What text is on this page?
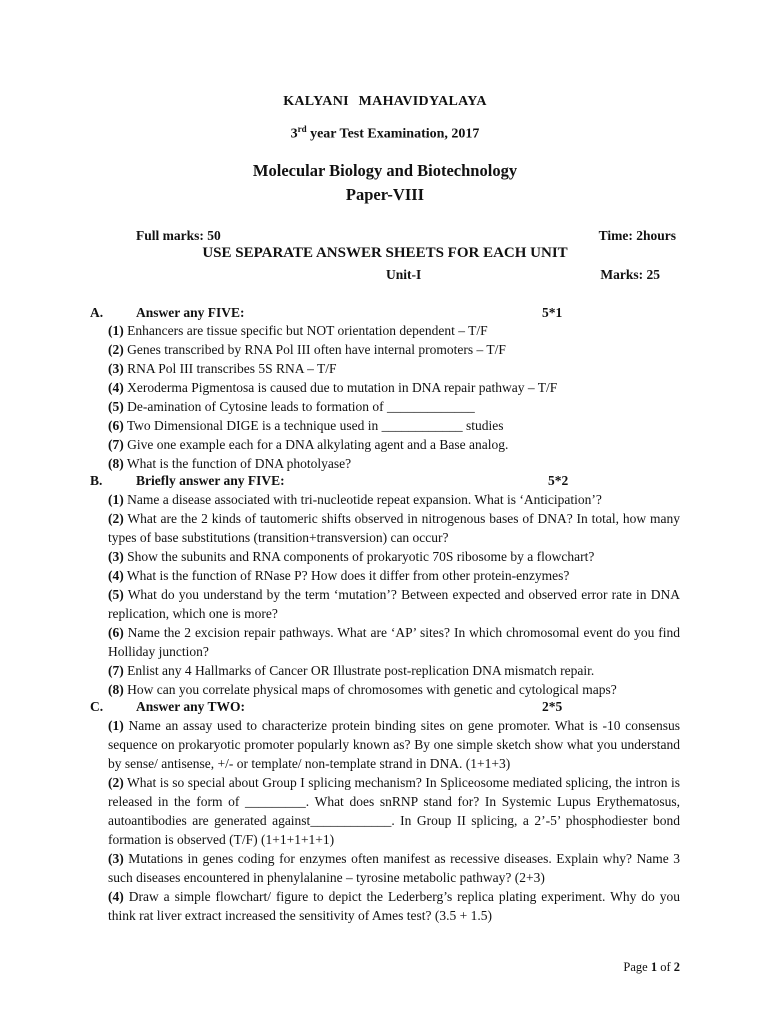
KALYANI MAHAVIDYALAYA
3rd year Test Examination, 2017
Molecular Biology and Biotechnology
Paper-VIII
Full marks: 50	Time: 2hours
USE SEPARATE ANSWER SHEETS FOR EACH UNIT
Unit-I	Marks: 25
A. Answer any FIVE:	5*1
(1) Enhancers are tissue specific but NOT orientation dependent – T/F
(2) Genes transcribed by RNA Pol III often have internal promoters – T/F
(3) RNA Pol III transcribes 5S RNA – T/F
(4) Xeroderma Pigmentosa is caused due to mutation in DNA repair pathway – T/F
(5) De-amination of Cytosine leads to formation of _____________
(6) Two Dimensional DIGE is a technique used in ____________ studies
(7) Give one example each for a DNA alkylating agent and a Base analog.
(8) What is the function of DNA photolyase?
B. Briefly answer any FIVE:	5*2
(1) Name a disease associated with tri-nucleotide repeat expansion. What is ‘Anticipation’?

(2) What are the 2 kinds of tautomeric shifts observed in nitrogenous bases of DNA? In total, how many types of base substitutions (transition+transversion) can occur?

(3) Show the subunits and RNA components of prokaryotic 70S ribosome by a flowchart?
(4) What is the function of RNase P? How does it differ from other protein-enzymes?

(5) What do you understand by the term ‘mutation’? Between expected and observed error rate in DNA replication, which one is more?

(6) Name the 2 excision repair pathways. What are ‘AP’ sites? In which chromosomal event do you find Holliday junction?

(7) Enlist any 4 Hallmarks of Cancer OR Illustrate post-replication DNA mismatch repair.
(8) How can you correlate physical maps of chromosomes with genetic and cytological maps?
C. Answer any TWO:	2*5

(1) Name an assay used to characterize protein binding sites on gene promoter. What is -10 consensus sequence on prokaryotic promoter popularly known as? By one simple sketch show what you understand by sense/ antisense, +/- or template/ non-template strand in DNA. (1+1+3)

(2) What is so special about Group I splicing mechanism? In Spliceosome mediated splicing, the intron is released in the form of _________. What does snRNP stand for? In Systemic Lupus Erythematosus, autoantibodies are generated against____________. In Group II splicing, a 2’-5’ phosphodiester bond formation is observed (T/F) (1+1+1+1+1)

(3) Mutations in genes coding for enzymes often manifest as recessive diseases. Explain why? Name 3 such diseases encountered in phenylalanine – tyrosine metabolic pathway? (2+3)

(4) Draw a simple flowchart/ figure to depict the Lederberg’s replica plating experiment. Why do you think rat liver extract increased the sensitivity of Ames test? (3.5 + 1.5)

Page 1 of 2
